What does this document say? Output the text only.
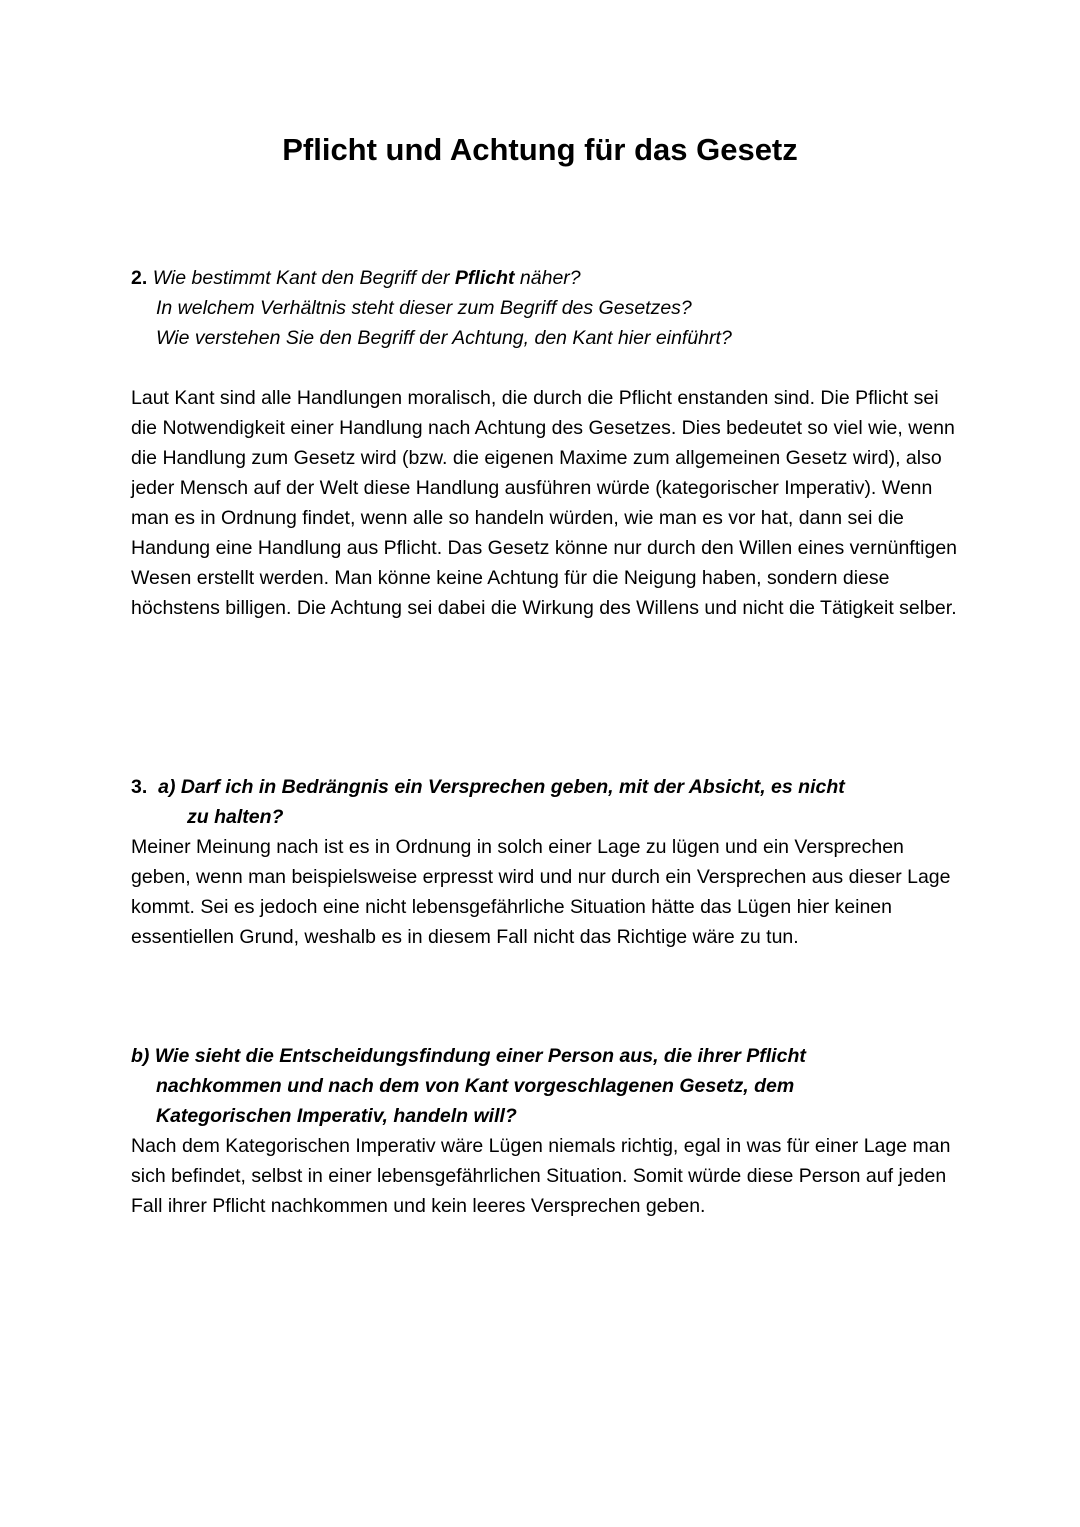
Pflicht und Achtung für das Gesetz
2. Wie bestimmt Kant den Begriff der Pflicht näher?
In welchem Verhältnis steht dieser zum Begriff des Gesetzes?
Wie verstehen Sie den Begriff der Achtung, den Kant hier einführt?

Laut Kant sind alle Handlungen moralisch, die durch die Pflicht enstanden sind. Die Pflicht sei die Notwendigkeit einer Handlung nach Achtung des Gesetzes. Dies bedeutet so viel wie, wenn die Handlung zum Gesetz wird (bzw. die eigenen Maxime zum allgemeinen Gesetz wird), also jeder Mensch auf der Welt diese Handlung ausführen würde (kategorischer Imperativ). Wenn man es in Ordnung findet, wenn alle so handeln würden, wie man es vor hat, dann sei die Handung eine Handlung aus Pflicht. Das Gesetz könne nur durch den Willen eines vernünftigen Wesen erstellt werden. Man könne keine Achtung für die Neigung haben, sondern diese höchstens billigen. Die Achtung sei dabei die Wirkung des Willens und nicht die Tätigkeit selber.

3. a) Darf ich in Bedrängnis ein Versprechen geben, mit der Absicht, es nicht
zu halten?

Meiner Meinung nach ist es in Ordnung in solch einer Lage zu lügen und ein Versprechen geben, wenn man beispielsweise erpresst wird und nur durch ein Versprechen aus dieser Lage kommt. Sei es jedoch eine nicht lebensgefährliche Situation hätte das Lügen hier keinen essentiellen Grund, weshalb es in diesem Fall nicht das Richtige wäre zu tun.

b) Wie sieht die Entscheidungsfindung einer Person aus, die ihrer Pflicht
nachkommen und nach dem von Kant vorgeschlagenen Gesetz, dem
Kategorischen Imperativ, handeln will?

Nach dem Kategorischen Imperativ wäre Lügen niemals richtig, egal in was für einer Lage man sich befindet, selbst in einer lebensgefährlichen Situation. Somit würde diese Person auf jeden Fall ihrer Pflicht nachkommen und kein leeres Versprechen geben.
